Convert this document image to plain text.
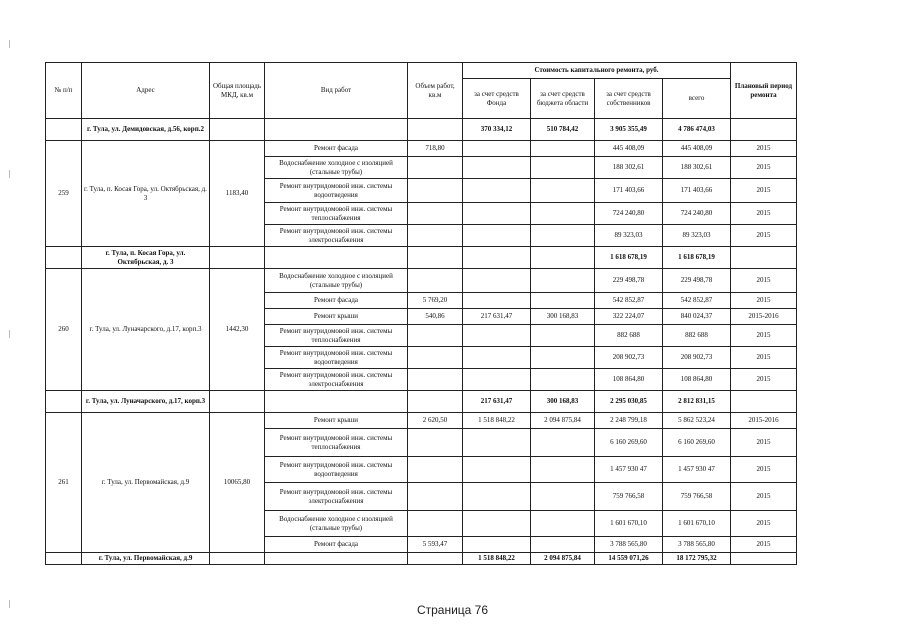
№ п/п	Адрес	Общая площадь МКД, кв.м	Вид работ	Объем работ, кв.м	Стоимость капитального ремонта, руб.				Плановый период ремонта
					за счет средств Фонда	за счет средств бюджета области	за счет средств собственников	всего	
	г. Тула, ул. Демидовская, д.56, корп.2				370 334,12	510 784,42	3 905 355,49	4 786 474,03	
259	г. Тула, п. Косая Гора, ул. Октябрьская, д. 3	1183,40	Ремонт фасада	718,80			445 408,09	445 408,09	2015
			Водоснабжение холодное с изоляцией (стальные трубы)				188 302,61	188 302,61	2015
			Ремонт внутридомовой инж. системы водоотведения				171 403,66	171 403,66	2015
			Ремонт внутридомовой инж. системы теплоснабжения				724 240,80	724 240,80	2015
			Ремонт внутридомовой инж. системы электроснабжения				89 323,03	89 323,03	2015
	г. Тула, п. Косая Гора, ул. Октябрьская, д. 3						1 618 678,19	1 618 678,19	
260	г. Тула, ул. Луначарского, д.17, корп.3	1442,30	Водоснабжение холодное с изоляцией (стальные трубы)				229 498,78	229 498,78	2015
			Ремонт фасада	5 769,20			542 852,87	542 852,87	2015
			Ремонт крыши	540,86	217 631,47	300 168,83	322 224,07	840 024,37	2015-2016
			Ремонт внутридомовой инж. системы теплоснабжения				882 688	882 688	2015
			Ремонт внутридомовой инж. системы водоотведения				208 902,73	208 902,73	2015
			Ремонт внутридомовой инж. системы электроснабжения				108 864,80	108 864,80	2015
	г. Тула, ул. Луначарского, д.17, корп.3				217 631,47	300 168,83	2 295 030,85	2 812 831,15	
261	г. Тула, ул. Первомайская, д.9	10065,80	Ремонт крыши	2 620,50	1 518 848,22	2 094 875,84	2 248 799,18	5 862 523,24	2015-2016
			Ремонт внутридомовой инж. системы теплоснабжения				6 160 269,60	6 160 269,60	2015
			Ремонт внутридомовой инж. системы водоотведения				1 457 930 47	1 457 930 47	2015
			Ремонт внутридомовой инж. системы электроснабжения				759 766,58	759 766,58	2015
			Водоснабжение холодное с изоляцией (стальные трубы)				1 601 670,10	1 601 670,10	2015
			Ремонт фасада	5 593,47			3 788 565,80	3 788 565,80	2015
	г. Тула, ул. Первомайская, д.9				1 518 848,22	2 094 875,84	14 559 071,26	18 172 795,32	
Страница 76
